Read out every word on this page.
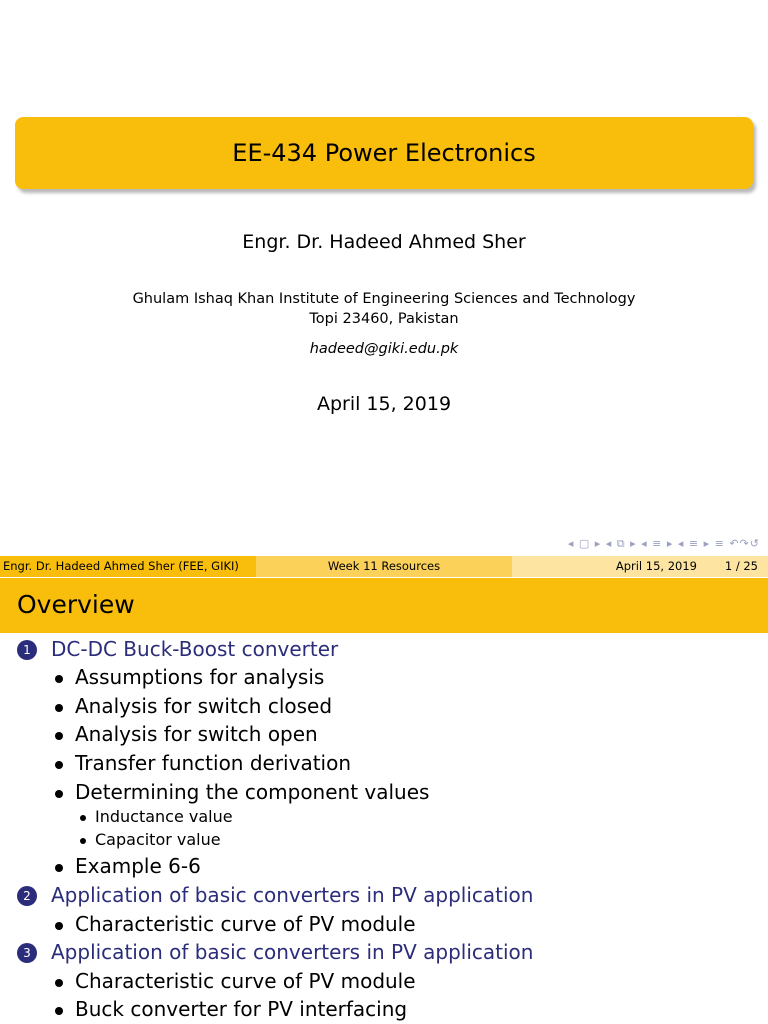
EE-434 Power Electronics
Engr. Dr. Hadeed Ahmed Sher
Ghulam Ishaq Khan Institute of Engineering Sciences and Technology
Topi 23460, Pakistan
hadeed@giki.edu.pk
April 15, 2019
◂ ▢ ▸ ◂ ⧉ ▸ ◂ ≡ ▸ ◂ ≡ ▸ ≡ ↶↷↺
Engr. Dr. Hadeed Ahmed Sher (FEE, GIKI)	Week 11 Resources	April 15, 2019 1 / 25
Overview
1	DC-DC Buck-Boost converter
Assumptions for analysis
Analysis for switch closed
Analysis for switch open
Transfer function derivation
Determining the component values
Inductance value
Capacitor value
Example 6-6
2	Application of basic converters in PV application
Characteristic curve of PV module
3	Application of basic converters in PV application
Characteristic curve of PV module
Buck converter for PV interfacing
